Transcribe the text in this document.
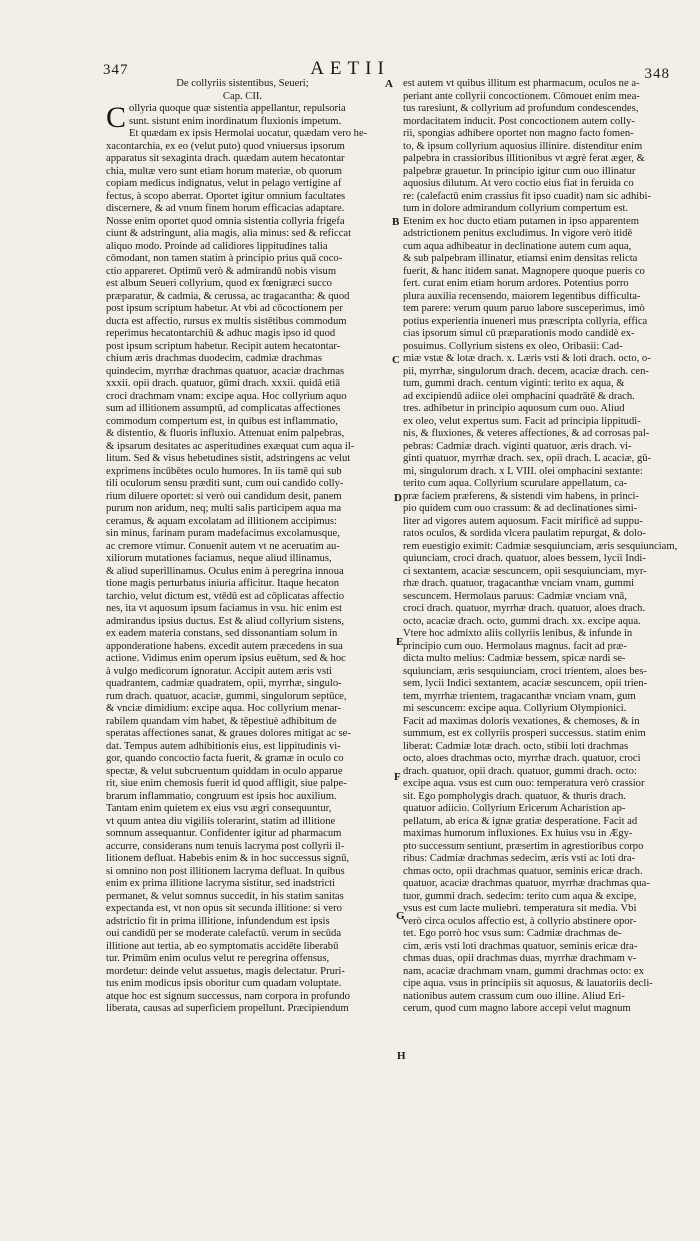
347	AETII	348
A
B
C
D
E
F
G
H
De collyriis sistentibus, Seueri;
Cap. CII.
C ollyria quoque quæ sistentia appellantur, repulsoria
sunt. sistunt enim inordinatum fluxionis impetum.
Et quædam ex ipsis Hermolai uocatur, quædam vero he-
xacontarchia, ex eo (velut puto) quod vniuersus ipsorum
apparatus sit sexaginta drach. quædam autem hecatontar
chia, multæ vero sunt etiam horum materiæ, ob quorum
copiam medicus indignatus, velut in pelago vertigine af
fectus, à scopo aberrat. Oportet igitur omnium facultates
discernere, & ad vnum finem horum efficacias adaptare.
Nosse enim oportet quod omnia sistentia collyria frigefa
ciunt & adstringunt, alia magis, alia minus: sed & reficcat
aliquo modo. Proinde ad calidiores lippitudines talia
cōmodant, non tamen statim à principio prius quā coco-
ctio appareret. Optimū verò & admirandū nobis visum
est album Seueri collyrium, quod ex fœnigræci succo
præparatur, & cadmia, & cerussa, ac tragacantha: & quod
post ipsum scriptum habetur. At vbi ad cōcoctionem per
ducta est affectio, rursus ex multis sistētibus commodum
reperimus hecatontarchiū & adhuc magis ipso id quod
post ipsum scriptum habetur. Recipit autem hecatontar-
chium æris drachmas duodecim, cadmiæ drachmas
quindecim, myrrhæ drachmas quatuor, acaciæ drachmas
xxxii. opii drach. quatuor, gūmi drach. xxxii. quidā etiā
croci drachmam vnam: excipe aqua. Hoc collyrium aquo
sum ad illitionem assumptū, ad complicatas affectiones
commodum compertum est, in quibus est inflammatio,
& distentio, & fluoris influxio. Attenuat enim palpebras,
& ipsarum desitates ac asperitudines exæquat cum aqua il-
litum. Sed & visus hebetudines sistit, adstringens ac velut
exprimens incūbētes oculo humores. In iis tamē qui sub
tili oculorum sensu præditi sunt, cum oui candido colly-
rium diluere oportet: si verò oui candidum desit, panem
purum non aridum, neq; multi salis participem aqua ma
ceramus, & aquam excolatam ad illitionem accipimus:
sin minus, farinam puram madefacimus excolamusque,
ac cremore vtimur. Conuenit autem vt ne aceruatim au-
xiliorum mutationes faciamus, neque aliud illinamus,
& aliud superillinamus. Oculus enim à peregrina innoua
tione magis perturbatus iniuria afficitur. Itaque hecaton
tarchio, velut dictum est, vtēdū est ad cōplicatas affectio
nes, ita vt aquosum ipsum faciamus in vsu. hic enim est
admirandus ipsius ductus. Est & aliud collyrium sistens,
ex eadem materia constans, sed dissonantiam solum in
apponderatione habens. excedit autem præcedens in sua
actione. Vidimus enim operum ipsius euētum, sed & hoc
à vulgo medicorum ignoratur. Accipit autem æris vsti
quadrantem, cadmiæ quadratem, opii, myrrhæ, singulo-
rum drach. quatuor, acaciæ, gummi, singulorum septūce,
& vnciæ dimidium: excipe aqua. Hoc collyrium menar-
rabilem quandam vim habet, & tēpestiuè adhibitum de
speratas affectiones sanat, & graues dolores mitigat ac se-
dat. Tempus autem adhibitionis eius, est lippitudinis vi-
gor, quando concoctio facta fuerit, & gramæ in oculo co
spectæ, & velut subcruentum quiddam in oculo apparue
rit, siue enim chemosis fuerit id quod affligit, siue palpe-
brarum inflammatio, congruum est ipsis hoc auxilium.
Tantam enim quietem ex eius vsu ægri consequuntur,
vt quum antea diu vigiliis tolerarint, statim ad illitione
somnum assequantur. Confidenter igitur ad pharmacum
accurre, considerans num tenuis lacryma post collyrii il-
litionem defluat. Habebis enim & in hoc successus signū,
si omnino non post illitionem lacryma defluat. In quibus
enim ex prima illitione lacryma sistitur, sed inadstricti
permanet, & velut somnus succedit, in his statim sanitas
expectanda est, vt non opus sit secunda illitione: si vero
adstrictio fit in prima illitione, infundendum est ipsis
oui candidū per se moderate calefactū. verum in secūda
illitione aut tertia, ab eo symptomatis accidēte liberabū
tur. Primūm enim oculus velut re peregrina offensus,
mordetur: deinde velut assuetus, magis delectatur. Pruri-
tus enim modicus ipsis oboritur cum quadam voluptate.
atque hoc est signum successus, nam corpora in profundo
liberata, causas ad superficiem propellunt. Præcipiendum
est autem vt quibus illitum est pharmacum, oculos ne a-
periant ante collyrii concoctionem. Cōmouet enim mea-
tus raresiunt, & collyrium ad profundum condescendes,
mordacitatem inducit. Post concoctionem autem colly-
rii, spongias adhibere oportet non magno facto fomen-
to, & ipsum collyrium aquosius illinire. distenditur enim
palpebra in crassioribus illitionibus vt ægrè ferat æger, &
palpebræ grauetur. In principio igitur cum ouo illinatur
aquosius dilutum. At vero coctio eius fiat in feruida co
re: (calefactū enim crassius fit ipso cuadit) nam sic adhibi-
tum in dolore admirandum collyrium compertum est.
Etenim ex hoc ducto etiam putamen in ipso apparentem
adstrictionem penitus excludimus. In vigore verò itidē
cum aqua adhibeatur in declinatione autem cum aqua,
& sub palpebram illinatur, etiamsi enim densitas relicta
fuerit, & hanc itidem sanat. Magnopere quoque pueris co
fert. curat enim etiam horum ardores. Potentius porro
plura auxilia recensendo, maiorem legentibus difficulta-
tem parere: verum quum paruo labore susceperimus, imò
potius experientia inueneri mus præscripta collyria, effica
cias ipsorum simul cū præparationis modo candidè ex-
posuimus. Collyrium sistens ex oleo, Oribasii: Cad-
miæ vstæ & lotæ drach. x. Læris vsti & loti drach. octo, o-
pii, myrrhæ, singulorum drach. decem, acaciæ drach. cen-
tum, gummi drach. centum viginti: terito ex aqua, &
ad excipiendū adiice olei omphacini quadrātē & drach.
tres. adhibetur in principio aquosum cum ouo. Aliud
ex oleo, velut expertus sum. Facit ad principia lippitudi-
nis, & fluxiones, & veteres affectiones, & ad corrosas pal-
pebras: Cadmiæ drach. viginti quatuor, æris drach. vi-
ginti quatuor, myrrhæ drach. sex, opii drach. L acaciæ, gū-
mi, singulorum drach. x L VIII. olei omphacini sextante:
terito cum aqua. Collyrium scurulare appellatum, ca-
præ faciem præferens, & sistendi vim habens, in princi-
pio quidem cum ouo crassum: & ad declinationes simi-
liter ad vigores autem aquosum. Facit mirificè ad suppu-
ratos oculos, & sordida vlcera paulatim repurgat, & dolo-
rem euestigio eximit: Cadmiæ sesquiunciam, æris sesquiunciam,
quiunciam, croci drach. quatuor, aloes bessem, lycii Indi-
ci sextantem, acaciæ sescuncem, opii sesquiunciam, myr-
rhæ drach. quatuor, tragacanthæ vnciam vnam, gummi
sescuncem. Hermolaus paruus: Cadmiæ vnciam vnā,
croci drach. quatuor, myrrhæ drach. quatuor, aloes drach.
octo, acaciæ drach. octo, gummi drach. xx. excipe aqua.
Vtere hoc admixto aliis collyriis lenibus, & infunde in
principio cum ouo. Hermolaus magnus. facit ad præ-
dicta multo melius: Cadmiæ bessem, spicæ nardi se-
squiunciam, æris sesquiunciam, croci trientem, aloes bes-
sem, lycii Indici sextantem, acaciæ sescuncem, opii trien-
tem, myrrhæ trientem, tragacanthæ vnciam vnam, gum
mi sescuncem: excipe aqua. Collyrium Olympionici.
Facit ad maximas doloris vexationes, & chemoses, & in
summum, est ex collyriis prosperi successus. statim enim
liberat: Cadmiæ lotæ drach. octo, stibii loti drachmas
octo, aloes drachmas octo, myrrhæ drach. quatuor, croci
drach. quatuor, opii drach. quatuor, gummi drach. octo:
excipe aqua. vsus est cum ouo: temperatura verò crassior
sit. Ego pompholygis drach. quatuor, & thuris drach.
quatuor adiicio. Collyrium Ericerum Acharistion ap-
pellatum, ab erica & ignæ gratiæ desperatione. Facit ad
maximas humorum influxiones. Ex huius vsu in Ægy-
pto successum sentiunt, præsertim in agrestioribus corpo
ribus: Cadmiæ drachmas sedecim, æris vsti ac loti dra-
chmas octo, opii drachmas quatuor, seminis ericæ drach.
quatuor, acaciæ drachmas quatuor, myrrhæ drachmas qua-
tuor, gummi drach. sedecim: terito cum aqua & excipe,
vsus est cum lacte muliebri. temperatura sit media. Vbi
verò circa oculos affectio est, à collyrio abstinere opor-
tet. Ego porrò hoc vsus sum: Cadmiæ drachmas de-
cim, æris vsti loti drachmas quatuor, seminis ericæ dra-
chmas duas, opii drachmas duas, myrrhæ drachmam v-
nam, acaciæ drachmam vnam, gummi drachmas octo: ex
cipe aqua. vsus in principiis sit aquosus, & lauatoriis decli-
nationibus autem crassum cum ouo illine. Aliud Eri-
cerum, quod cum magno labore accepi velut magnum
